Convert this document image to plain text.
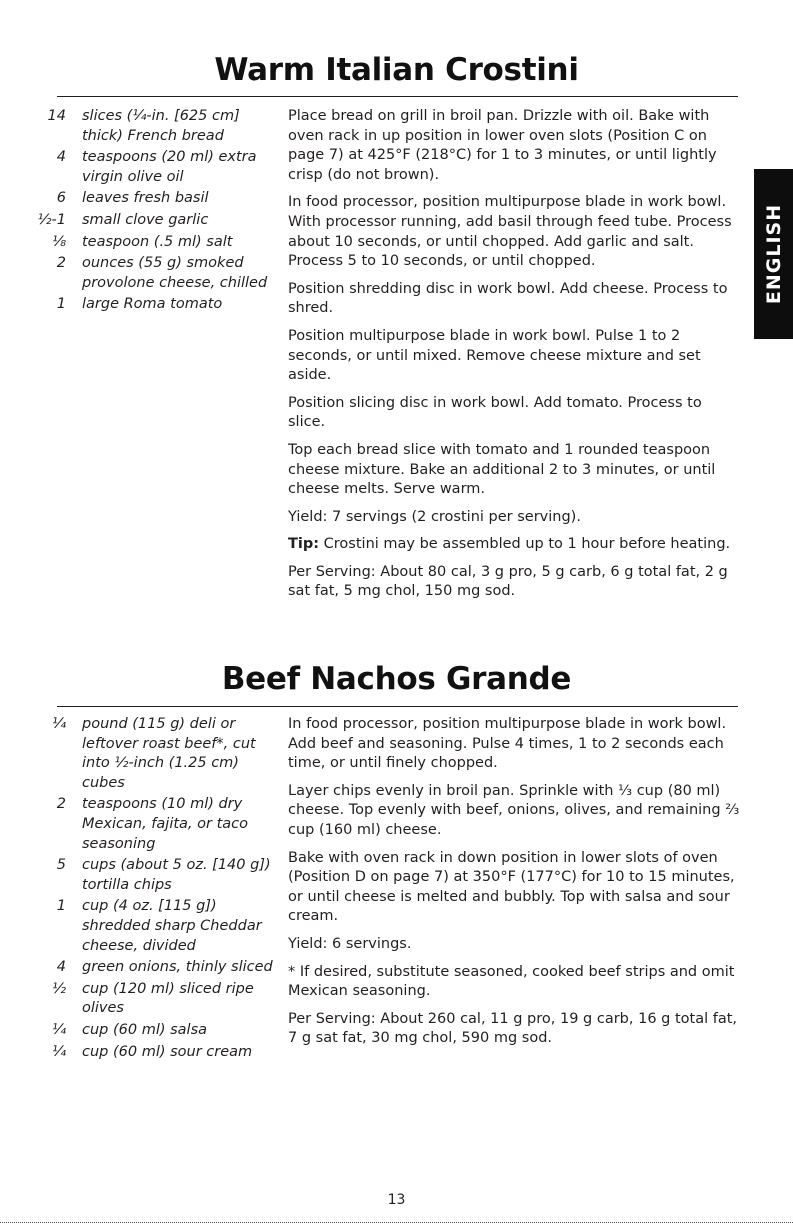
Warm Italian Crostini
14 slices (¼-in. [625 cm] thick) French bread
4 teaspoons (20 ml) extra virgin olive oil
6 leaves fresh basil
½-1 small clove garlic
⅛ teaspoon (.5 ml) salt
2 ounces (55 g) smoked provolone cheese, chilled
1 large Roma tomato

Place bread on grill in broil pan. Drizzle with oil. Bake with oven rack in up position in lower oven slots (Position C on page 7) at 425°F (218°C) for 1 to 3 minutes, or until lightly crisp (do not brown).

In food processor, position multipurpose blade in work bowl. With processor running, add basil through feed tube. Process about 10 seconds, or until chopped. Add garlic and salt. Process 5 to 10 seconds, or until chopped.

Position shredding disc in work bowl. Add cheese. Process to shred.

Position multipurpose blade in work bowl. Pulse 1 to 2 seconds, or until mixed. Remove cheese mixture and set aside.

Position slicing disc in work bowl. Add tomato. Process to slice.

Top each bread slice with tomato and 1 rounded teaspoon cheese mixture. Bake an additional 2 to 3 minutes, or until cheese melts. Serve warm.

Yield: 7 servings (2 crostini per serving).

Tip: Crostini may be assembled up to 1 hour before heating.

Per Serving: About 80 cal, 3 g pro, 5 g carb, 6 g total fat, 2 g sat fat, 5 mg chol, 150 mg sod.

Beef Nachos Grande
¼ pound (115 g) deli or leftover roast beef*, cut into ½-inch (1.25 cm) cubes
2 teaspoons (10 ml) dry Mexican, fajita, or taco seasoning
5 cups (about 5 oz. [140 g]) tortilla chips
1 cup (4 oz. [115 g]) shredded sharp Cheddar cheese, divided
4 green onions, thinly sliced
½ cup (120 ml) sliced ripe olives
¼ cup (60 ml) salsa
¼ cup (60 ml) sour cream

In food processor, position multipurpose blade in work bowl. Add beef and seasoning. Pulse 4 times, 1 to 2 seconds each time, or until finely chopped.

Layer chips evenly in broil pan. Sprinkle with ⅓ cup (80 ml) cheese. Top evenly with beef, onions, olives, and remaining ⅔ cup (160 ml) cheese.

Bake with oven rack in down position in lower slots of oven (Position D on page 7) at 350°F (177°C) for 10 to 15 minutes, or until cheese is melted and bubbly. Top with salsa and sour cream.

Yield: 6 servings.

* If desired, substitute seasoned, cooked beef strips and omit Mexican seasoning.

Per Serving: About 260 cal, 11 g pro, 19 g carb, 16 g total fat, 7 g sat fat, 30 mg chol, 590 mg sod.

ENGLISH
13
